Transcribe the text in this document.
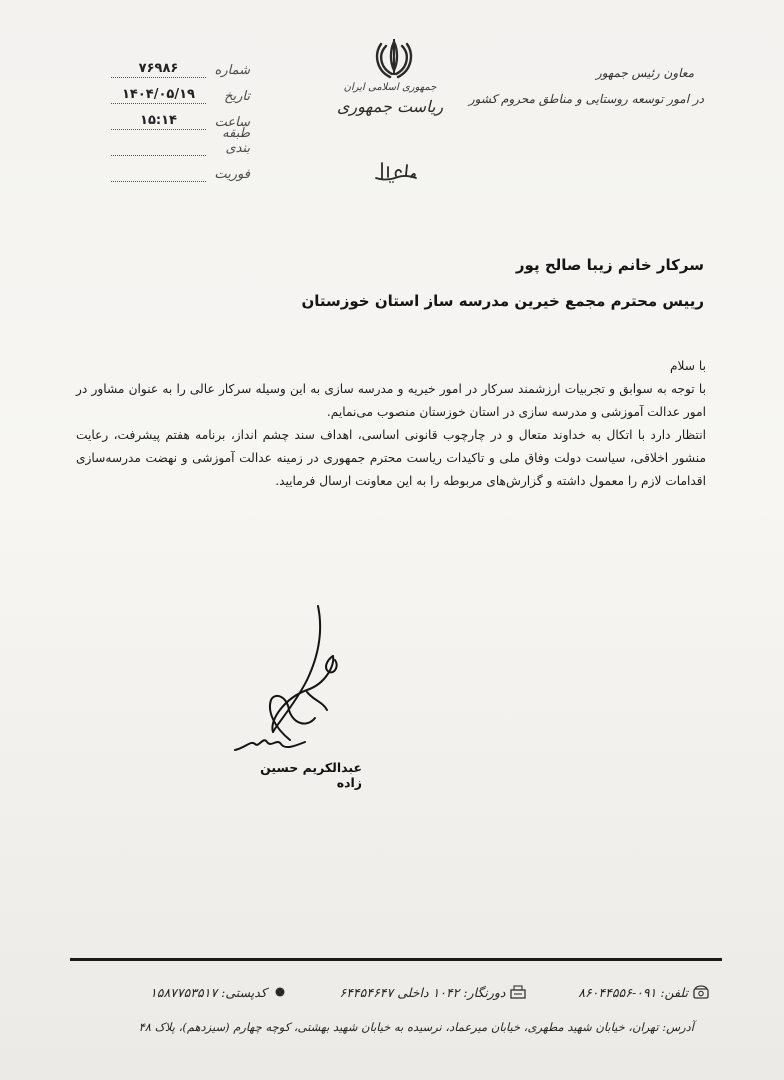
شماره
۷۶۹۸۶
تاریخ
۱۴۰۴/۰۵/۱۹
ساعت
۱۵:۱۴
طبقه بندی
فوریت
جمهوری اسلامی ایران
ریاست جمهوری
معاون رئیس جمهور
در امور توسعه روستایی و مناطق محروم کشور
سرکار خانم زیبا صالح پور
رییس محترم مجمع خیرین مدرسه ساز استان خوزستان

با سلام

با توجه به سوابق و تجربیات ارزشمند سرکار در امور خیریه و مدرسه سازی به این وسیله سرکار عالی را به عنوان مشاور در امور عدالت آموزشی و مدرسه سازی در استان خوزستان منصوب می‌نمایم.

انتظار دارد با اتکال به خداوند متعال و در چارچوب قانونی اساسی، اهداف سند چشم انداز، برنامه هفتم پیشرفت، رعایت منشور اخلاقی، سیاست دولت وفاق ملی و تاکیدات ریاست محترم جمهوری در زمینه عدالت آموزشی و نهضت مدرسه‌سازی اقدامات لازم را معمول داشته و گزارش‌های مربوطه را به این معاونت ارسال فرمایید.

عبدالکریم حسین زاده
تلفن:
۸۶۰۴۴۵۵۶-۰۹۱
دورنگار:
۱۰۴۲ داخلی
۶۴۴۵۴۶۴۷
کدپستی:
۱۵۸۷۷۵۳۵۱۷
آدرس: تهران، خیابان شهید مطهری، خیابان میرعماد، نرسیده به خیابان شهید بهشتی، کوچه چهارم (سیزدهم)، پلاک ۴۸
